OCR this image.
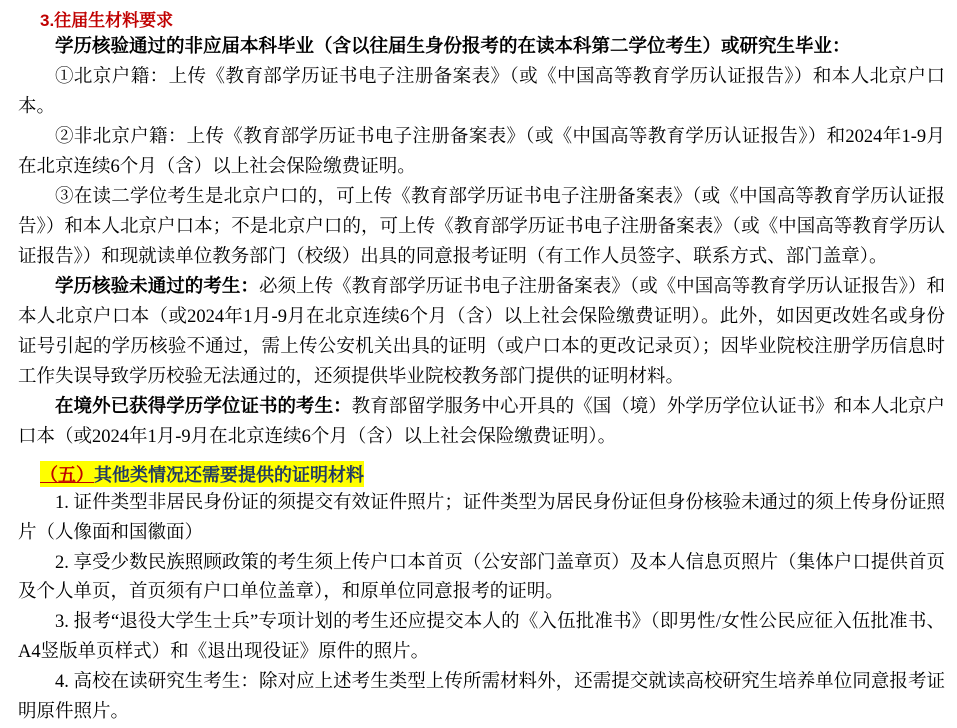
3.往届生材料要求
学历核验通过的非应届本科毕业（含以往届生身份报考的在读本科第二学位考生）或研究生毕业：
①北京户籍：上传《教育部学历证书电子注册备案表》（或《中国高等教育学历认证报告》）和本人北京户口本。
②非北京户籍：上传《教育部学历证书电子注册备案表》（或《中国高等教育学历认证报告》）和2024年1-9月在北京连续6个月（含）以上社会保险缴费证明。
③在读二学位考生是北京户口的，可上传《教育部学历证书电子注册备案表》（或《中国高等教育学历认证报告》）和本人北京户口本；不是北京户口的，可上传《教育部学历证书电子注册备案表》（或《中国高等教育学历认证报告》）和现就读单位教务部门（校级）出具的同意报考证明（有工作人员签字、联系方式、部门盖章）。
学历核验未通过的考生：必须上传《教育部学历证书电子注册备案表》（或《中国高等教育学历认证报告》）和本人北京户口本（或2024年1月-9月在北京连续6个月（含）以上社会保险缴费证明）。此外，如因更改姓名或身份证号引起的学历核验不通过，需上传公安机关出具的证明（或户口本的更改记录页）；因毕业院校注册学历信息时工作失误导致学历校验无法通过的，还须提供毕业院校教务部门提供的证明材料。
在境外已获得学历学位证书的考生：教育部留学服务中心开具的《国（境）外学历学位认证书》和本人北京户口本（或2024年1月-9月在北京连续6个月（含）以上社会保险缴费证明）。
（五） 其他类情况还需要提供的证明材料
1. 证件类型非居民身份证的须提交有效证件照片；证件类型为居民身份证但身份核验未通过的须上传身份证照片（人像面和国徽面）
2. 享受少数民族照顾政策的考生须上传户口本首页（公安部门盖章页）及本人信息页照片（集体户口提供首页及个人单页，首页须有户口单位盖章），和原单位同意报考的证明。
3. 报考“退役大学生士兵”专项计划的考生还应提交本人的《入伍批准书》（即男性/女性公民应征入伍批准书、A4竖版单页样式）和《退出现役证》原件的照片。
4. 高校在读研究生考生：除对应上述考生类型上传所需材料外，还需提交就读高校研究生培养单位同意报考证明原件照片。
